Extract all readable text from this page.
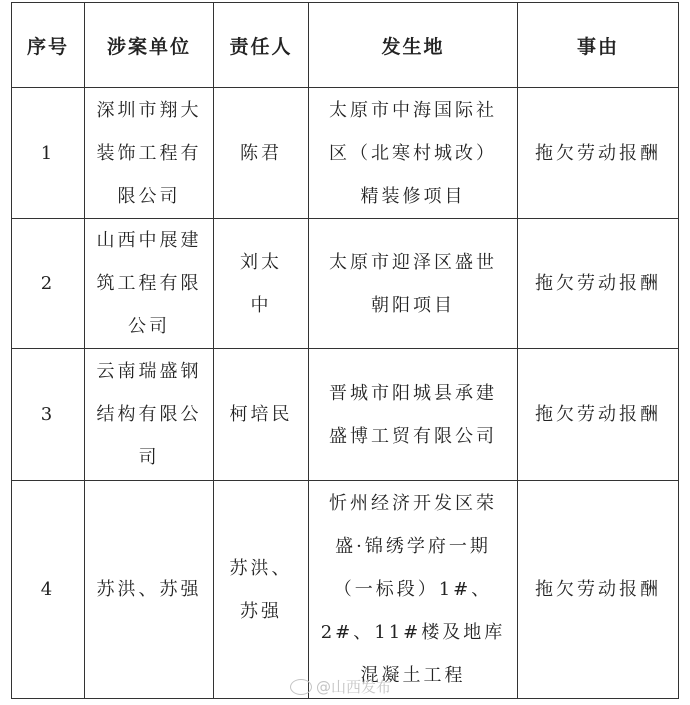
序号	涉案单位	责任人	发生地	事由
1	深圳市翔大装饰工程有限公司	陈君	太原市中海国际社区（北寒村城改）精装修项目	拖欠劳动报酬
2	山西中展建筑工程有限公司	刘太中	太原市迎泽区盛世朝阳项目	拖欠劳动报酬
3	云南瑞盛钢结构有限公司	柯培民	晋城市阳城县承建盛博工贸有限公司	拖欠劳动报酬
4	苏洪、苏强	苏洪、苏强	忻州经济开发区荣盛·锦绣学府一期（一标段）1#、2#、11#楼及地库混凝土工程	拖欠劳动报酬
@山西发布
